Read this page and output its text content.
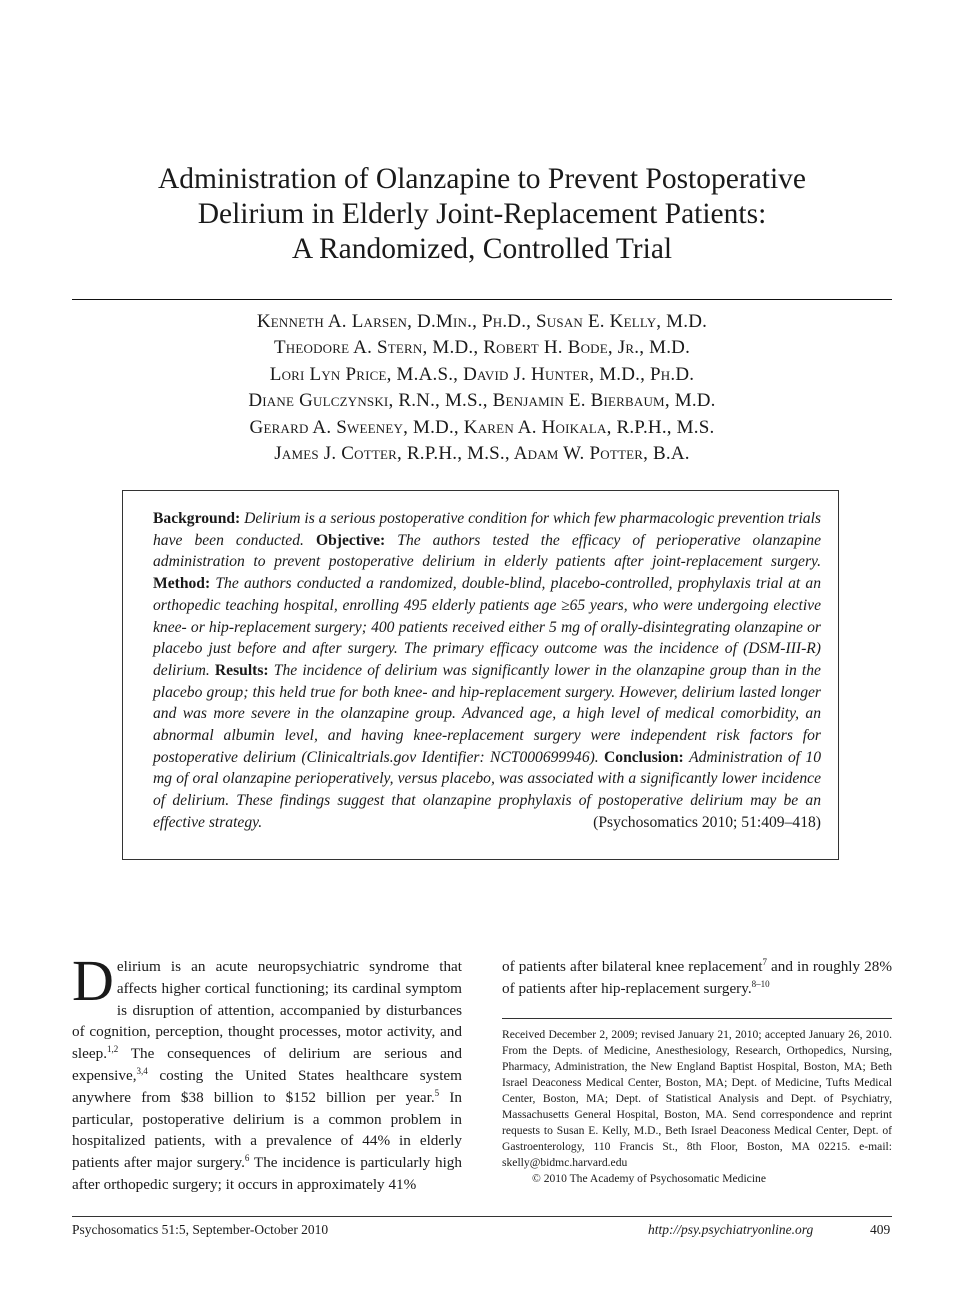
Administration of Olanzapine to Prevent Postoperative
Delirium in Elderly Joint-Replacement Patients:
A Randomized, Controlled Trial
Kenneth A. Larsen, D.Min., Ph.D., Susan E. Kelly, M.D.
Theodore A. Stern, M.D., Robert H. Bode, Jr., M.D.
Lori Lyn Price, M.A.S., David J. Hunter, M.D., Ph.D.
Diane Gulczynski, R.N., M.S., Benjamin E. Bierbaum, M.D.
Gerard A. Sweeney, M.D., Karen A. Hoikala, R.P.H., M.S.
James J. Cotter, R.P.H., M.S., Adam W. Potter, B.A.
Background: Delirium is a serious postoperative condition for which few pharmacologic prevention trials have been conducted. Objective: The authors tested the efficacy of perioperative olanzapine administration to prevent postoperative delirium in elderly patients after joint-replacement surgery. Method: The authors conducted a randomized, double-blind, placebo-controlled, prophylaxis trial at an orthopedic teaching hospital, enrolling 495 elderly patients age ≥65 years, who were undergoing elective knee- or hip-replacement surgery; 400 patients received either 5 mg of orally-disintegrating olanzapine or placebo just before and after surgery. The primary efficacy outcome was the incidence of (DSM-III-R) delirium. Results: The incidence of delirium was significantly lower in the olanzapine group than in the placebo group; this held true for both knee- and hip-replacement surgery. However, delirium lasted longer and was more severe in the olanzapine group. Advanced age, a high level of medical comorbidity, an abnormal albumin level, and having knee-replacement surgery were independent risk factors for postoperative delirium (Clinicaltrials.gov Identifier: NCT000699946). Conclusion: Administration of 10 mg of oral olanzapine perioperatively, versus placebo, was associated with a significantly lower incidence of delirium. These findings suggest that olanzapine prophylaxis of postoperative delirium may be an effective strategy.	(Psychosomatics 2010; 51:409–418)
Delirium is an acute neuropsychiatric syndrome that affects higher cortical functioning; its cardinal symptom is disruption of attention, accompanied by disturbances of cognition, perception, thought processes, motor activity, and sleep.$^{1,2}$ The consequences of delirium are serious and expensive,$^{3,4}$ costing the United States healthcare system anywhere from $38 billion to $152 billion per year.$^5$ In particular, postoperative delirium is a common problem in hospitalized patients, with a prevalence of 44% in elderly patients after major surgery.$^6$ The incidence is particularly high after orthopedic surgery; it occurs in approximately 41%
of patients after bilateral knee replacement$^7$ and in roughly 28% of patients after hip-replacement surgery.$^{8-10}$
Received December 2, 2009; revised January 21, 2010; accepted January 26, 2010. From the Depts. of Medicine, Anesthesiology, Research, Orthopedics, Nursing, Pharmacy, Administration, the New England Baptist Hospital, Boston, MA; Beth Israel Deaconess Medical Center, Boston, MA; Dept. of Medicine, Tufts Medical Center, Boston, MA; Dept. of Statistical Analysis and Dept. of Psychiatry, Massachusetts General Hospital, Boston, MA. Send correspondence and reprint requests to Susan E. Kelly, M.D., Beth Israel Deaconess Medical Center, Dept. of Gastroenterology, 110 Francis St., 8th Floor, Boston, MA 02215. e-mail: skelly@bidmc.harvard.edu
© 2010 The Academy of Psychosomatic Medicine
Psychosomatics 51:5, September-October 2010	http://psy.psychiatryonline.org	409
